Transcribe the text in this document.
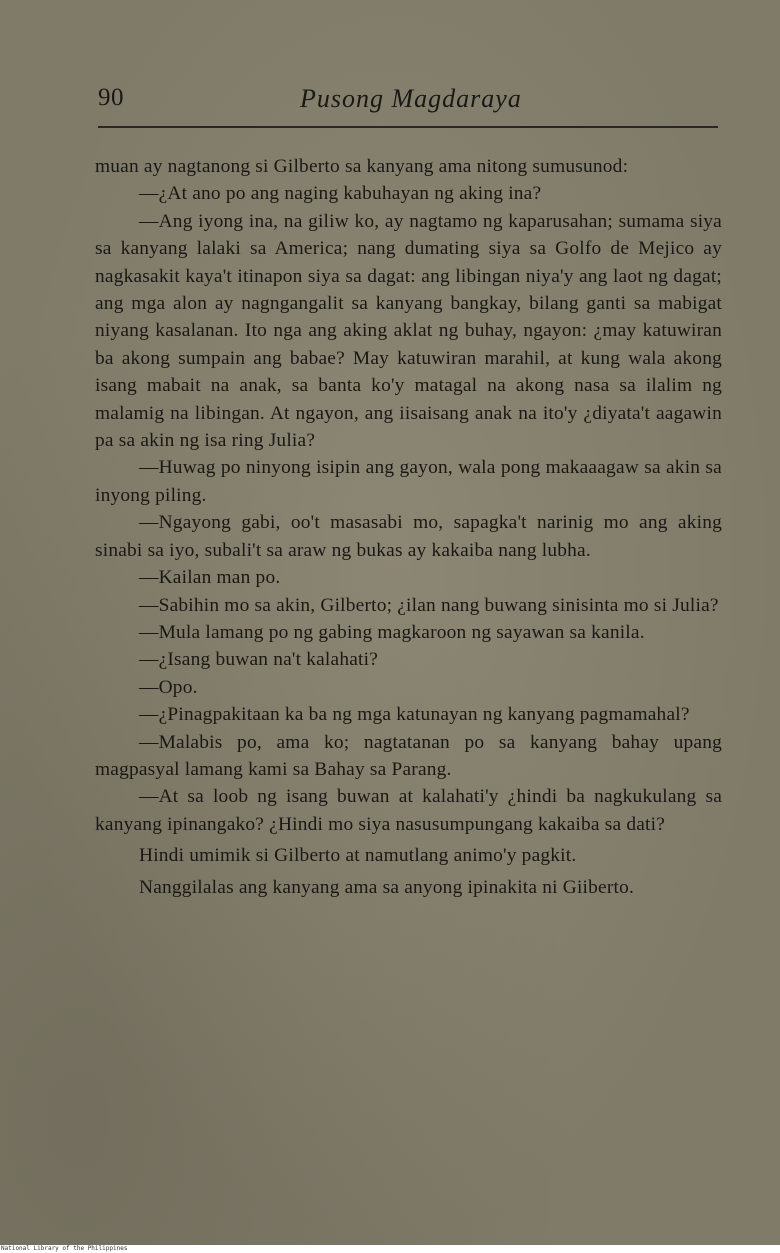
90	Pusong Magdaraya

muan ay nagtanong si Gilberto sa kanyang ama nitong sumusunod:

—¿At ano po ang naging kabuhayan ng aking ina?

—Ang iyong ina, na giliw ko, ay nagtamo ng kaparusahan; sumama siya sa kanyang lalaki sa America; nang dumating siya sa Golfo de Mejico ay nagkasakit kaya't itinapon siya sa dagat: ang libingan niya'y ang laot ng dagat; ang mga alon ay nagngangalit sa kanyang bangkay, bilang ganti sa mabigat niyang kasalanan. Ito nga ang aking aklat ng buhay, ngayon: ¿may katuwiran ba akong sumpain ang babae? May katuwiran marahil, at kung wala akong isang mabait na anak, sa banta ko'y matagal na akong nasa sa ilalim ng malamig na libingan. At ngayon, ang iisaisang anak na ito'y ¿diyata't aagawin pa sa akin ng isa ring Julia?

—Huwag po ninyong isipin ang gayon, wala pong makaaagaw sa akin sa inyong piling.

—Ngayong gabi, oo't masasabi mo, sapagka't narinig mo ang aking sinabi sa iyo, subali't sa araw ng bukas ay kakaiba nang lubha.

—Kailan man po.

—Sabihin mo sa akin, Gilberto; ¿ilan nang buwang sinisinta mo si Julia?

—Mula lamang po ng gabing magkaroon ng sayawan sa kanila.

—¿Isang buwan na't kalahati?

—Opo.

—¿Pinagpakitaan ka ba ng mga katunayan ng kanyang pagmamahal?

—Malabis po, ama ko; nagtatanan po sa kanyang bahay upang magpasyal lamang kami sa Bahay sa Parang.

—At sa loob ng isang buwan at kalahati'y ¿hindi ba nagkukulang sa kanyang ipinangako? ¿Hindi mo siya nasusumpungang kakaiba sa dati?

Hindi umimik si Gilberto at namutlang animo'y pagkit.

Nanggilalas ang kanyang ama sa anyong ipinakita ni Giiberto.

National Library of the Philippines
